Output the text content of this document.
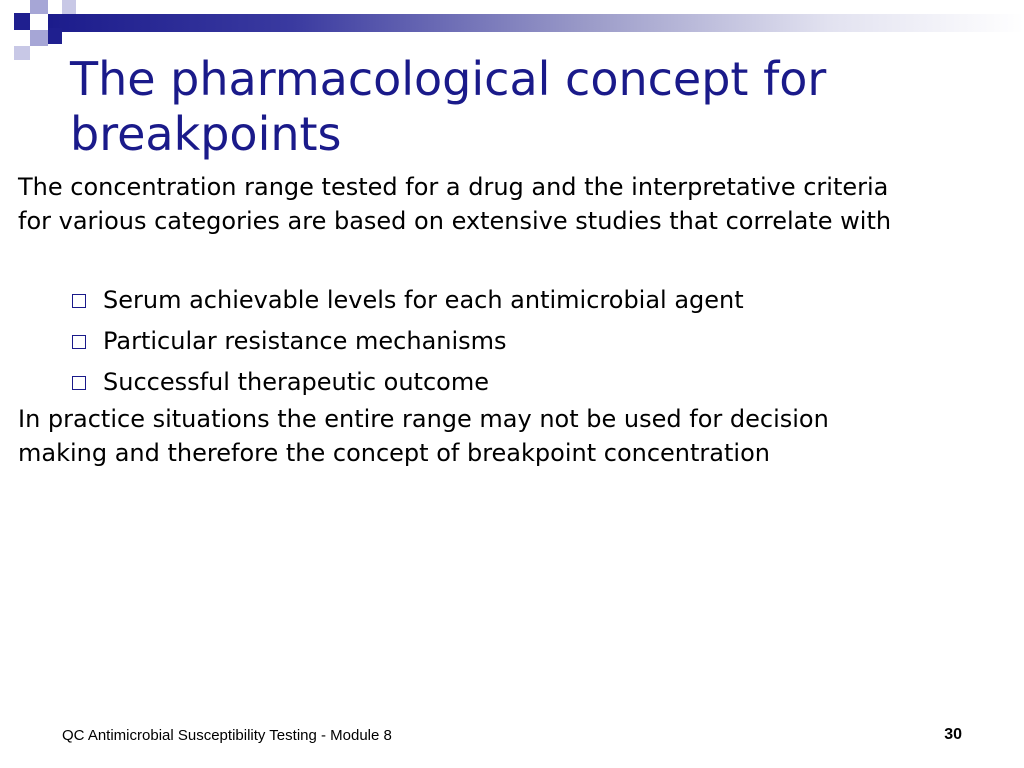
The pharmacological concept for breakpoints

The concentration range tested for a drug and the interpretative criteria for various categories are based on extensive studies that correlate with

Serum achievable levels for each antimicrobial agent
Particular resistance mechanisms
Successful therapeutic outcome

In practice situations the entire range may not be used for decision making and therefore the concept of breakpoint concentration

QC Antimicrobial Susceptibility Testing - Module 8	30
